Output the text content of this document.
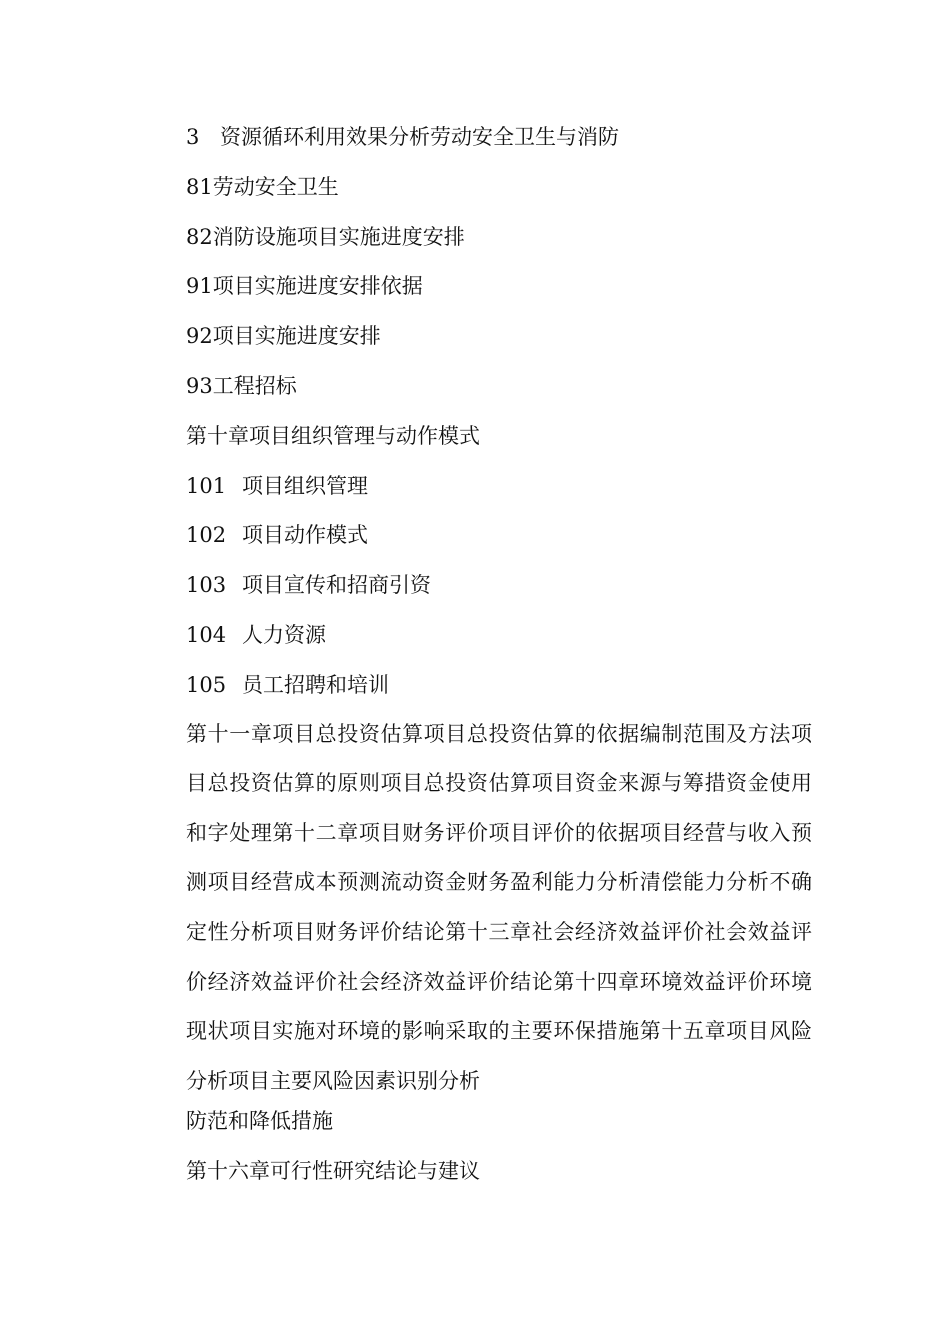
3 资源循环利用效果分析劳动安全卫生与消防
81劳动安全卫生
82消防设施项目实施进度安排
91项目实施进度安排依据
92项目实施进度安排
93工程招标
第十章项目组织管理与动作模式
101 项目组织管理
102 项目动作模式
103 项目宣传和招商引资
104 人力资源
105 员工招聘和培训
第十一章项目总投资估算项目总投资估算的依据编制范围及方法项目总投资估算的原则项目总投资估算项目资金来源与筹措资金使用和字处理第十二章项目财务评价项目评价的依据项目经营与收入预测项目经营成本预测流动资金财务盈利能力分析清偿能力分析不确定性分析项目财务评价结论第十三章社会经济效益评价社会效益评价经济效益评价社会经济效益评价结论第十四章环境效益评价环境现状项目实施对环境的影响采取的主要环保措施第十五章项目风险分析项目主要风险因素识别分析
防范和降低措施
第十六章可行性研究结论与建议
